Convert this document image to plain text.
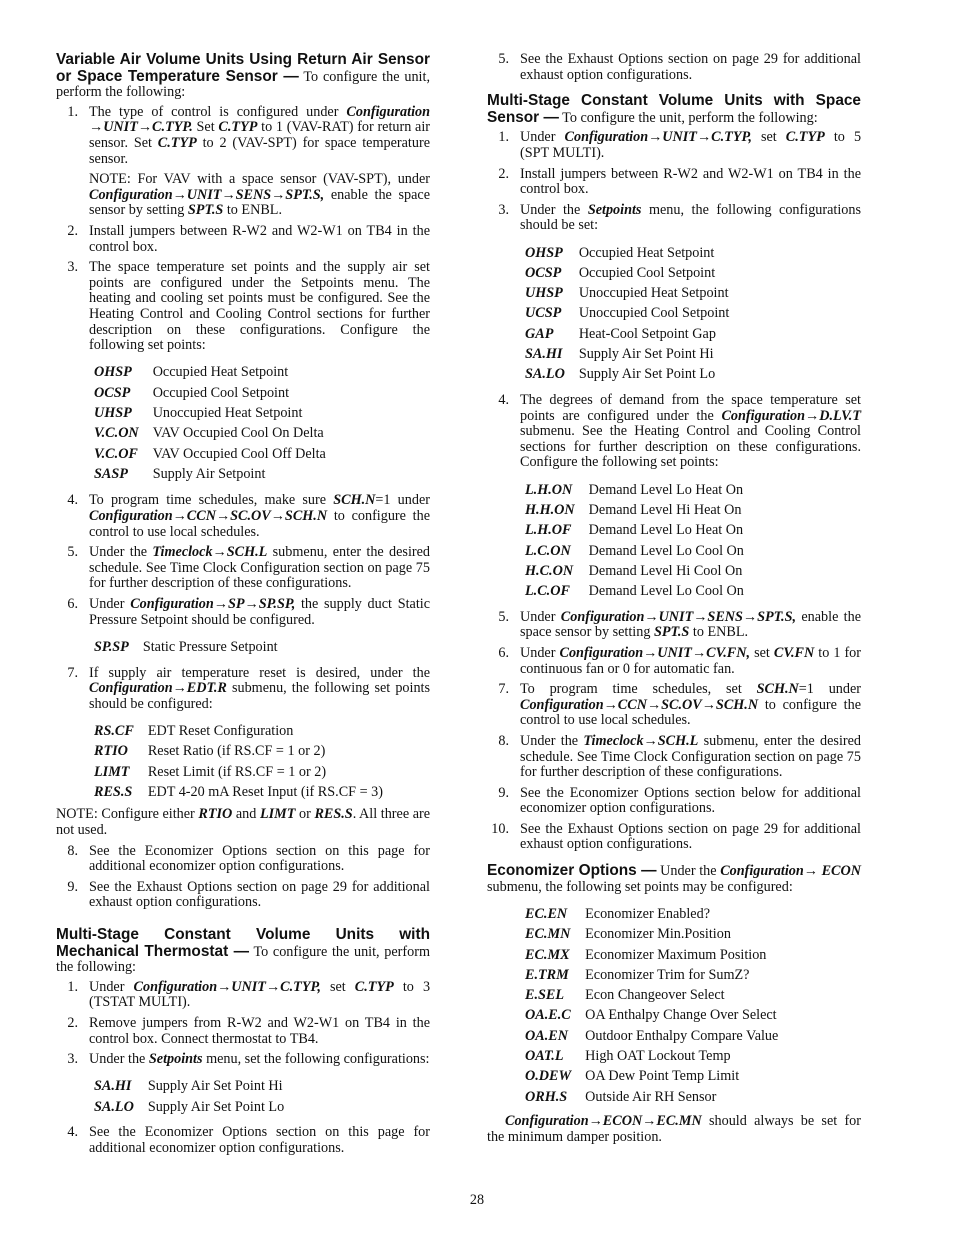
Variable Air Volume Units Using Return Air Sensor or Space Temperature Sensor — To configure the unit, perform the following:

1. The type of control is configured under Configuration →UNIT→C.TYP. Set C.TYP to 1 (VAV-RAT) for return air sensor. Set C.TYP to 2 (VAV-SPT) for space temperature sensor.
NOTE: For VAV with a space sensor (VAV-SPT), under Configuration→UNIT→SENS→SPT.S, enable the space sensor by setting SPT.S to ENBL.
2. Install jumpers between R-W2 and W2-W1 on TB4 in the control box.
3. The space temperature set points and the supply air set points are configured under the Setpoints menu. The heating and cooling set points must be configured. See the Heating Control and Cooling Control sections for further description on these configurations. Configure the following set points:
OHSP	Occupied Heat Setpoint
OCSP	Occupied Cool Setpoint
UHSP	Unoccupied Heat Setpoint
V.C.ON	VAV Occupied Cool On Delta
V.C.OF	VAV Occupied Cool Off Delta
SASP	Supply Air Setpoint
4. To program time schedules, make sure SCH.N=1 under Configuration→CCN→SC.OV→SCH.N to configure the control to use local schedules.
5. Under the Timeclock→SCH.L submenu, enter the desired schedule. See Time Clock Configuration section on page 75 for further description of these configurations.
6. Under Configuration→SP→SP.SP, the supply duct Static Pressure Setpoint should be configured.
SP.SP	Static Pressure Setpoint
7. If supply air temperature reset is desired, under the Configuration→EDT.R submenu, the following set points should be configured:
RS.CF	EDT Reset Configuration
RTIO	Reset Ratio (if RS.CF = 1 or 2)
LIMT	Reset Limit (if RS.CF = 1 or 2)
RES.S	EDT 4-20 mA Reset Input (if RS.CF = 3)

NOTE: Configure either RTIO and LIMT or RES.S. All three are not used.

8. See the Economizer Options section on this page for additional economizer option configurations.
9. See the Exhaust Options section on page 29 for additional exhaust option configurations.

Multi-Stage Constant Volume Units with Mechanical Thermostat — To configure the unit, perform the following:

1. Under Configuration→UNIT→C.TYP, set C.TYP to 3 (TSTAT MULTI).
2. Remove jumpers from R-W2 and W2-W1 on TB4 in the control box. Connect thermostat to TB4.
3. Under the Setpoints menu, set the following configurations:
SA.HI	Supply Air Set Point Hi
SA.LO	Supply Air Set Point Lo
4. See the Economizer Options section on this page for additional economizer option configurations.
5. See the Exhaust Options section on page 29 for additional exhaust option configurations.

Multi-Stage Constant Volume Units with Space Sensor — To configure the unit, perform the following:

1. Under Configuration→UNIT→C.TYP, set C.TYP to 5 (SPT MULTI).
2. Install jumpers between R-W2 and W2-W1 on TB4 in the control box.
3. Under the Setpoints menu, the following configurations should be set:
OHSP	Occupied Heat Setpoint
OCSP	Occupied Cool Setpoint
UHSP	Unoccupied Heat Setpoint
UCSP	Unoccupied Cool Setpoint
GAP	Heat-Cool Setpoint Gap
SA.HI	Supply Air Set Point Hi
SA.LO	Supply Air Set Point Lo
4. The degrees of demand from the space temperature set points are configured under the Configuration→D.LV.T submenu. See the Heating Control and Cooling Control sections for further description on these configurations. Configure the following set points:
L.H.ON	Demand Level Lo Heat On
H.H.ON	Demand Level Hi Heat On
L.H.OF	Demand Level Lo Heat On
L.C.ON	Demand Level Lo Cool On
H.C.ON	Demand Level Hi Cool On
L.C.OF	Demand Level Lo Cool On
5. Under Configuration→UNIT→SENS→SPT.S, enable the space sensor by setting SPT.S to ENBL.
6. Under Configuration→UNIT→CV.FN, set CV.FN to 1 for continuous fan or 0 for automatic fan.
7. To program time schedules, set SCH.N=1 under Configuration→CCN→SC.OV→SCH.N to configure the control to use local schedules.
8. Under the Timeclock→SCH.L submenu, enter the desired schedule. See Time Clock Configuration section on page 75 for further description of these configurations.
9. See the Economizer Options section below for additional economizer option configurations.
10. See the Exhaust Options section on page 29 for additional exhaust option configurations.

Economizer Options — Under the Configuration→ ECON submenu, the following set points may be configured:

EC.EN	Economizer Enabled?
EC.MN	Economizer Min.Position
EC.MX	Economizer Maximum Position
E.TRM	Economizer Trim for SumZ?
E.SEL	Econ Changeover Select
OA.E.C	OA Enthalpy Change Over Select
OA.EN	Outdoor Enthalpy Compare Value
OAT.L	High OAT Lockout Temp
O.DEW	OA Dew Point Temp Limit
ORH.S	Outside Air RH Sensor

Configuration→ECON→EC.MN should always be set for the minimum damper position.

28
